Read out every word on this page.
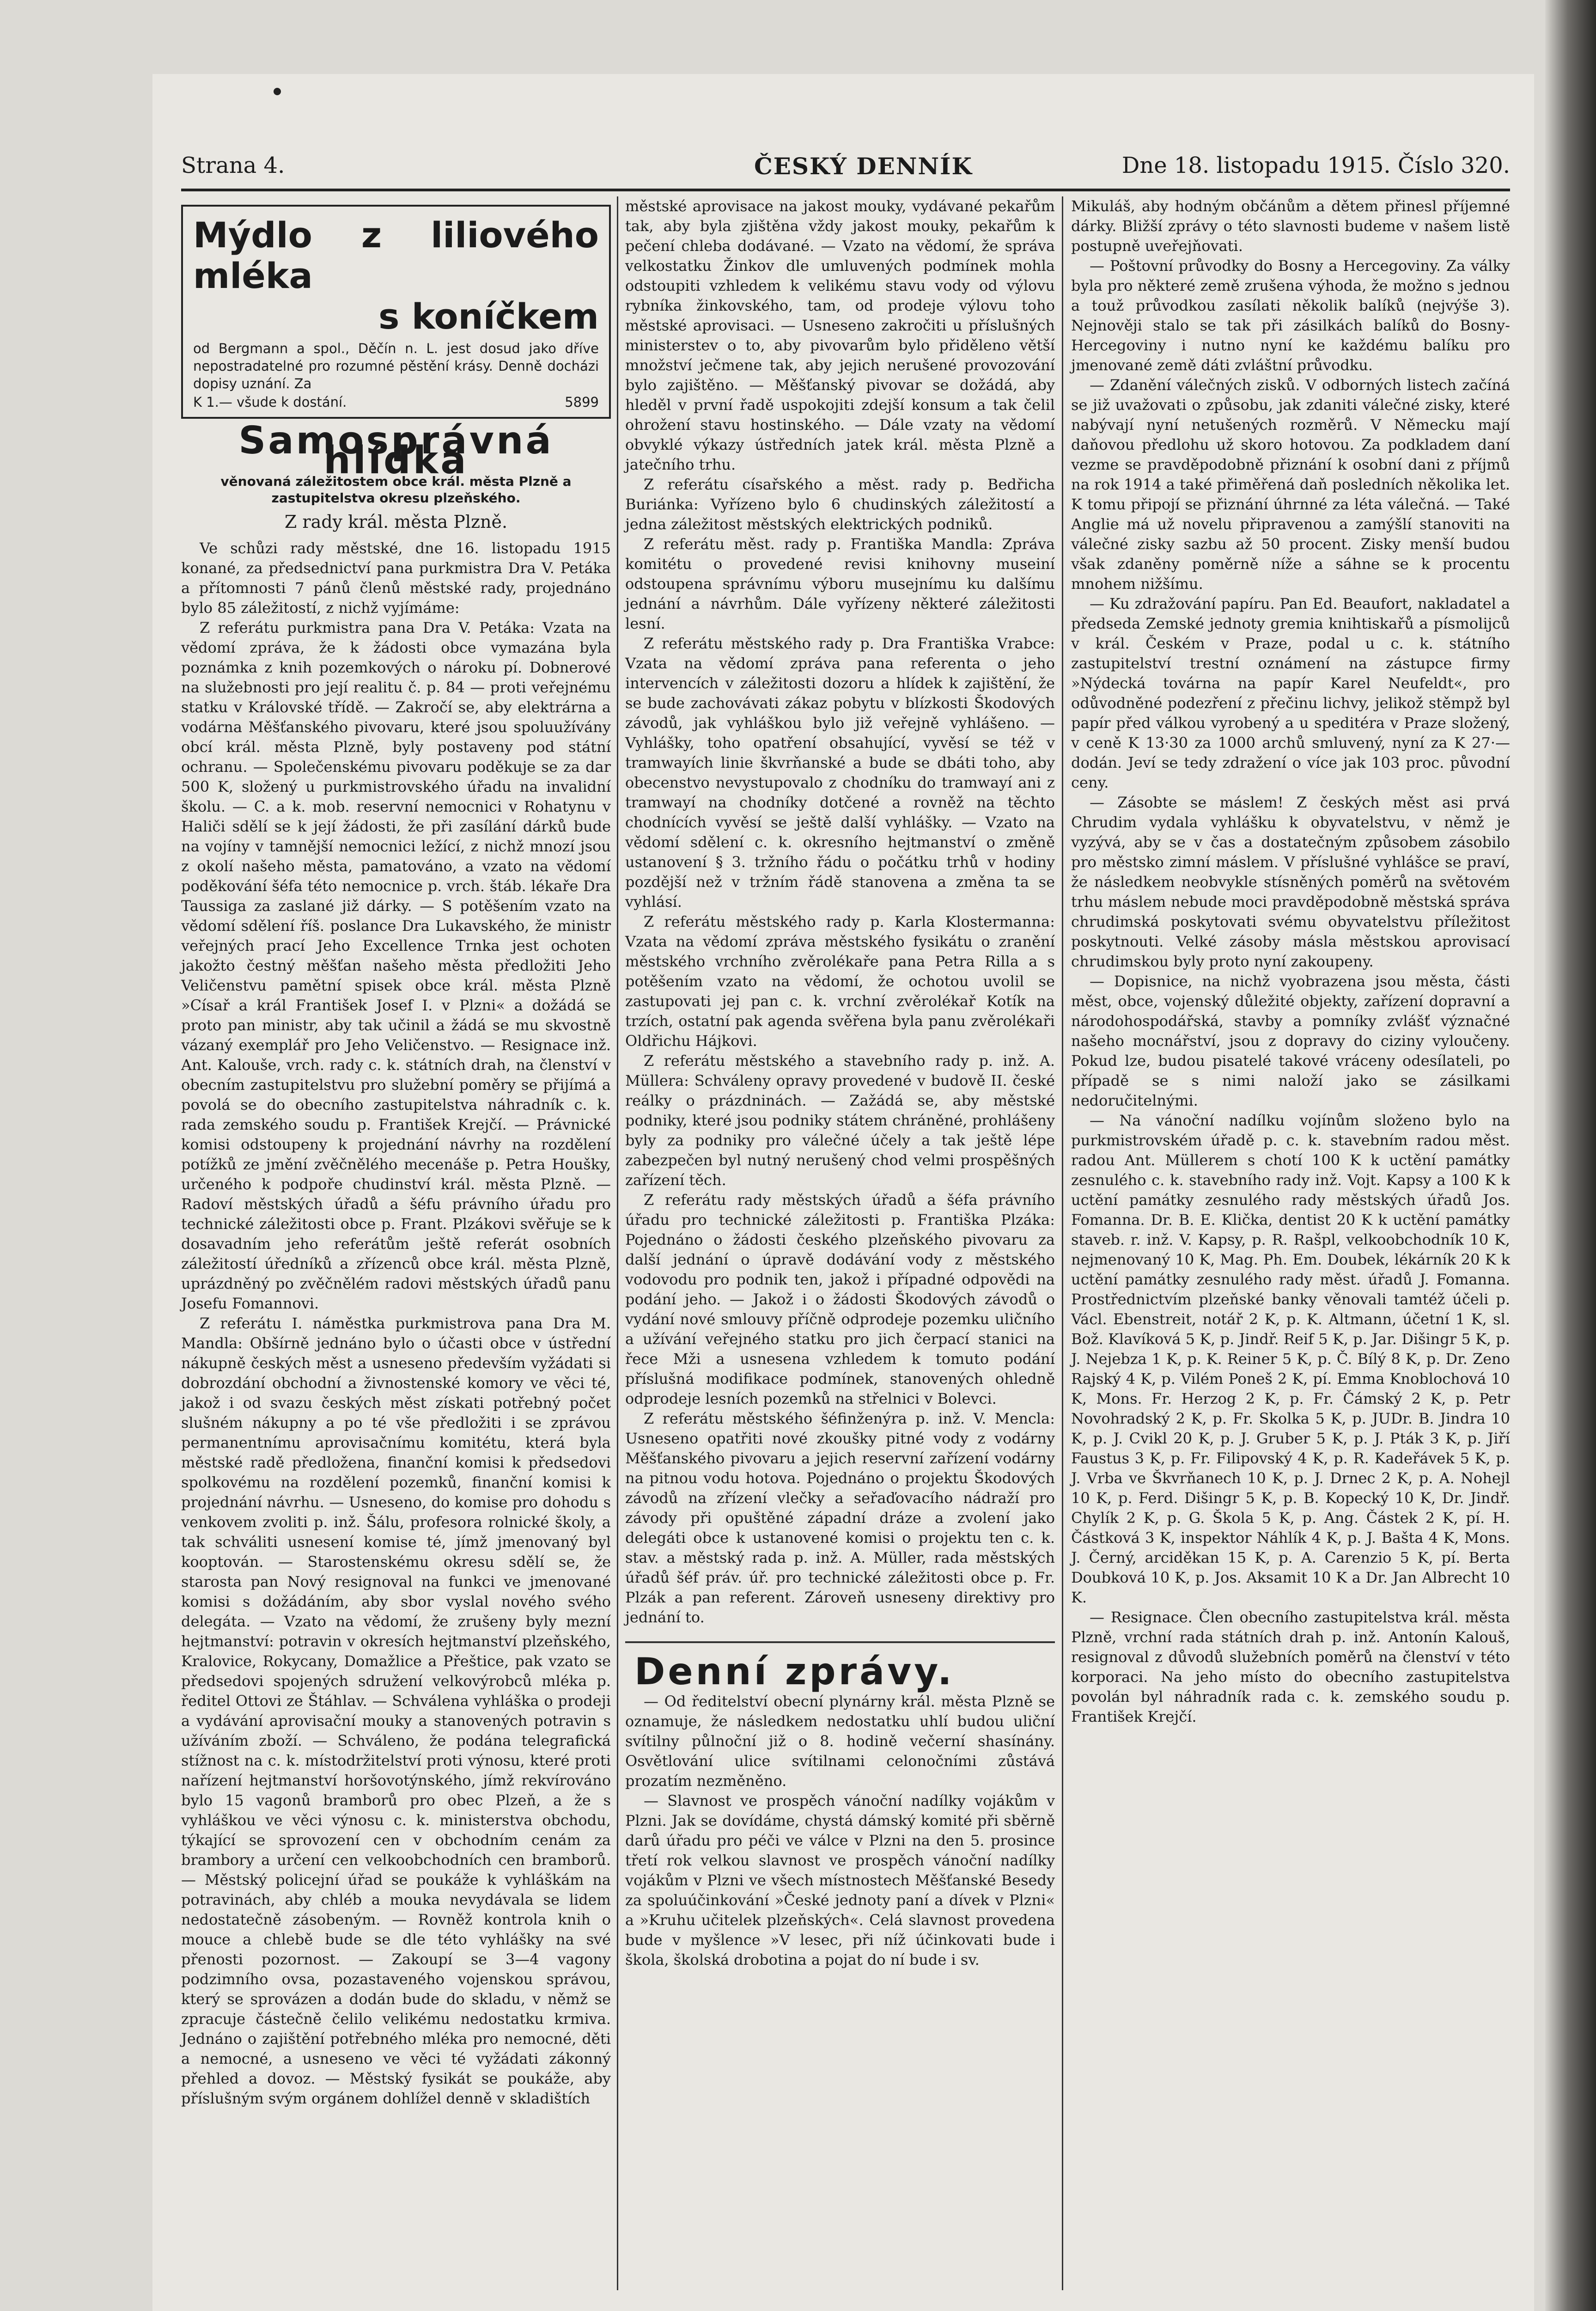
Strana 4.	ČESKÝ DENNÍK	Dne 18. listopadu 1915. Číslo 320.
Mýdlo z liliového mléka
s koníčkem
od Bergmann a spol., Děčín n. L. jest dosud jako dříve nepostradatelné pro rozumné pěstění krásy. Denně docházi dopisy uznání. Za
K 1.— všude k dostání.	5899
Samosprávná hlídka
věnovaná záležitostem obce král. města Plzně a zastupitelstva okresu plzeňského.
Z rady král. města Plzně.

Ve schůzi rady městské, dne 16. listopadu 1915 konané, za předsednictví pana purkmistra Dra V. Petáka a přítomnosti 7 pánů členů městské rady, projednáno bylo 85 záležitostí, z nichž vyjímáme:

Z referátu purkmistra pana Dra V. Petáka: Vzata na vědomí zpráva, že k žádosti obce vymazána byla poznámka z knih pozemkových o nároku pí. Dobnerové na služebnosti pro její realitu č. p. 84 — proti veřejnému statku v Královské třídě. — Zakročí se, aby elektrárna a vodárna Měšťanského pivovaru, které jsou spoluužívány obcí král. města Plzně, byly postaveny pod státní ochranu. — Společenskému pivovaru poděkuje se za dar 500 K, složený u purkmistrovského úřadu na invalidní školu. — C. a k. mob. reservní nemocnici v Rohatynu v Haliči sdělí se k její žádosti, že při zasílání dárků bude na vojíny v tamnější nemocnici ležící, z nichž mnozí jsou z okolí našeho města, pamatováno, a vzato na vědomí poděkování šéfa této nemocnice p. vrch. štáb. lékaře Dra Taussiga za zaslané již dárky. — S potěšením vzato na vědomí sdělení říš. poslance Dra Lukavského, že ministr veřejných prací Jeho Excellence Trnka jest ochoten jakožto čestný měšťan našeho města předložiti Jeho Veličenstvu pamětní spisek obce král. města Plzně »Císař a král František Josef I. v Plzni« a dožádá se proto pan ministr, aby tak učinil a žádá se mu skvostně vázaný exemplář pro Jeho Veličenstvo. — Resignace inž. Ant. Kalouše, vrch. rady c. k. státních drah, na členství v obecním zastupitelstvu pro služební poměry se přijímá a povolá se do obecního zastupitelstva náhradník c. k. rada zemského soudu p. František Krejčí. — Právnické komisi odstoupeny k projednání návrhy na rozdělení potížků ze jmění zvěčnělého mecenáše p. Petra Houšky, určeného k podpoře chudinství král. města Plzně. — Radoví městských úřadů a šéfu právního úřadu pro technické záležitosti obce p. Frant. Plzákovi svěřuje se k dosavadním jeho referátům ještě referát osobních záležitostí úředníků a zřízenců obce král. města Plzně, uprázdněný po zvěčnělém radovi městských úřadů panu Josefu Fomannovi.

Z referátu I. náměstka purkmistrova pana Dra M. Mandla: Obšírně jednáno bylo o účasti obce v ústřední nákupně českých měst a usneseno především vyžádati si dobrozdání obchodní a živnostenské komory ve věci té, jakož i od svazu českých měst získati potřebný počet slušném nákupny a po té vše předložiti i se zprávou permanentnímu aprovisačnímu komitétu, která byla městské radě předložena, finanční komisi k předsedovi spolkovému na rozdělení pozemků, finanční komisi k projednání návrhu. — Usneseno, do komise pro dohodu s venkovem zvoliti p. inž. Šálu, profesora rolnické školy, a tak schváliti usnesení komise té, jímž jmenovaný byl kooptován. — Starostenskému okresu sdělí se, že starosta pan Nový resignoval na funkci ve jmenované komisi s dožádáním, aby sbor vyslal nového svého delegáta. — Vzato na vědomí, že zrušeny byly mezní hejtmanství: potravin v okresích hejtmanství plzeňského, Kralovice, Rokycany, Domažlice a Přeštice, pak vzato se předsedovi spojených sdružení velkovýrobců mléka p. ředitel Ottovi ze Štáhlav. — Schválena vyhláška o prodeji a vydávání aprovisační mouky a stanovených potravin s užíváním zboží. — Schváleno, že podána telegrafická stížnost na c. k. místodržitelství proti výnosu, které proti nařízení hejtmanství horšovotýnského, jímž rekvírováno bylo 15 vagonů bramborů pro obec Plzeň, a že s vyhláškou ve věci výnosu c. k. ministerstva obchodu, týkající se sprovození cen v obchodním cenám za brambory a určení cen velkoobchodních cen bramborů. — Městský policejní úřad se poukáže k vyhláškám na potravinách, aby chléb a mouka nevydávala se lidem nedostatečně zásobeným. — Rovněž kontrola knih o mouce a chlebě bude se dle této vyhlášky na své přenosti pozornost. — Zakoupí se 3—4 vagony podzimního ovsa, pozastaveného vojenskou správou, který se sprovázen a dodán bude do skladu, v němž se zpracuje částečně čelilo velikému nedostatku krmiva. Jednáno o zajištění potřebného mléka pro nemocné, děti a nemocné, a usneseno ve věci té vyžádati zákonný přehled a dovoz. — Městský fysikát se poukáže, aby příslušným svým orgánem dohlížel denně v skladištích

městské aprovisace na jakost mouky, vydávané pekařům tak, aby byla zjištěna vždy jakost mouky, pekařům k pečení chleba dodávané. — Vzato na vědomí, že správa velkostatku Žinkov dle umluvených podmínek mohla odstoupiti vzhledem k velikému stavu vody od výlovu rybníka žinkovského, tam, od prodeje výlovu toho městské aprovisaci. — Usneseno zakročiti u příslušných ministerstev o to, aby pivovarům bylo přiděleno větší množství ječmene tak, aby jejich nerušené provozování bylo zajištěno. — Měšťanský pivovar se dožádá, aby hleděl v první řadě uspokojiti zdejší konsum a tak čelil ohrožení stavu hostinského. — Dále vzaty na vědomí obvyklé výkazy ústředních jatek král. města Plzně a jatečního trhu.

Z referátu císařského a měst. rady p. Bedřicha Buriánka: Vyřízeno bylo 6 chudinských záležitostí a jedna záležitost městských elektrických podniků.

Z referátu měst. rady p. Františka Mandla: Zpráva komitétu o provedené revisi knihovny museiní odstoupena správnímu výboru musejnímu ku dalšímu jednání a návrhům. Dále vyřízeny některé záležitosti lesní.

Z referátu městského rady p. Dra Františka Vrabce: Vzata na vědomí zpráva pana referenta o jeho intervencích v záležitosti dozoru a hlídek k zajištění, že se bude zachovávati zákaz pobytu v blízkosti Škodových závodů, jak vyhláškou bylo již veřejně vyhlášeno. — Vyhlášky, toho opatření obsahující, vyvěsí se též v tramwayích linie škvrňanské a bude se dbáti toho, aby obecenstvo nevystupovalo z chodníku do tramwayí ani z tramwayí na chodníky dotčené a rovněž na těchto chodnících vyvěsí se ještě další vyhlášky. — Vzato na vědomí sdělení c. k. okresního hejtmanství o změně ustanovení § 3. tržního řádu o počátku trhů v hodiny pozdější než v tržním řádě stanovena a změna ta se vyhlásí.

Z referátu městského rady p. Karla Klostermanna: Vzata na vědomí zpráva městského fysikátu o zranění městského vrchního zvěrolékaře pana Petra Rilla a s potěšením vzato na vědomí, že ochotou uvolil se zastupovati jej pan c. k. vrchní zvěrolékař Kotík na trzích, ostatní pak agenda svěřena byla panu zvěrolékaři Oldřichu Hájkovi.

Z referátu městského a stavebního rady p. inž. A. Müllera: Schváleny opravy provedené v budově II. české reálky o prázdninách. — Zažádá se, aby městské podniky, které jsou podniky státem chráněné, prohlášeny byly za podniky pro válečné účely a tak ještě lépe zabezpečen byl nutný nerušený chod velmi prospěšných zařízení těch.

Z referátu rady městských úřadů a šéfa právního úřadu pro technické záležitosti p. Františka Plzáka: Pojednáno o žádosti českého plzeňského pivovaru za další jednání o úpravě dodávání vody z městského vodovodu pro podnik ten, jakož i případné odpovědi na podání jeho. — Jakož i o žádosti Škodových závodů o vydání nové smlouvy příčně odprodeje pozemku uličního a užívání veřejného statku pro jich čerpací stanici na řece Mži a usnesena vzhledem k tomuto podání příslušná modifikace podmínek, stanovených ohledně odprodeje lesních pozemků na střelnici v Bolevci.

Z referátu městského šéfinženýra p. inž. V. Mencla: Usneseno opatřiti nové zkoušky pitné vody z vodárny Měšťanského pivovaru a jejich reservní zařízení vodárny na pitnou vodu hotova. Pojednáno o projektu Škodových závodů na zřízení vlečky a seřaďovacího nádraží pro závody při opuštěné západní dráze a zvolení jako delegáti obce k ustanovené komisi o projektu ten c. k. stav. a městský rada p. inž. A. Müller, rada městských úřadů šéf práv. úř. pro technické záležitosti obce p. Fr. Plzák a pan referent. Zároveň usneseny direktivy pro jednání to.

Denní zprávy.

— Od ředitelství obecní plynárny král. města Plzně se oznamuje, že následkem nedostatku uhlí budou uliční svítilny půlnoční již o 8. hodině večerní shasínány. Osvětlování ulice svítilnami celonočními zůstává prozatím nezměněno.

— Slavnost ve prospěch vánoční nadílky vojákům v Plzni. Jak se dovídáme, chystá dámský komité při sběrně darů úřadu pro péči ve válce v Plzni na den 5. prosince třetí rok velkou slavnost ve prospěch vánoční nadílky vojákům v Plzni ve všech místnostech Měšťanské Besedy za spoluúčinkování »České jednoty paní a dívek v Plzni« a »Kruhu učitelek plzeňských«. Celá slavnost provedena bude v myšlence »V lesec, při níž účinkovati bude i škola, školská drobotina a pojat do ní bude i sv.

Mikuláš, aby hodným občánům a dětem přinesl příjemné dárky. Bližší zprávy o této slavnosti budeme v našem listě postupně uveřejňovati.

— Poštovní průvodky do Bosny a Hercegoviny. Za války byla pro některé země zrušena výhoda, že možno s jednou a touž průvodkou zasílati několik balíků (nejvýše 3). Nejnověji stalo se tak při zásilkách balíků do Bosny-Hercegoviny i nutno nyní ke každému balíku pro jmenované země dáti zvláštní průvodku.

— Zdanění válečných zisků. V odborných listech začíná se již uvažovati o způsobu, jak zdaniti válečné zisky, které nabývají nyní netušených rozměrů. V Německu mají daňovou předlohu už skoro hotovou. Za podkladem daní vezme se pravděpodobně přiznání k osobní dani z příjmů na rok 1914 a také přiměřená daň posledních několika let. K tomu připojí se přiznání úhrnné za léta válečná. — Také Anglie má už novelu připravenou a zamýšlí stanoviti na válečné zisky sazbu až 50 procent. Zisky menší budou však zdaněny poměrně níže a sáhne se k procentu mnohem nižšímu.

— Ku zdražování papíru. Pan Ed. Beaufort, nakladatel a předseda Zemské jednoty gremia knihtiskařů a písmolijců v král. Českém v Praze, podal u c. k. státního zastupitelství trestní oznámení na zástupce firmy »Nýdecká továrna na papír Karel Neufeldt«, pro odůvodněné podezření z přečinu lichvy, jelikož stěmpž byl papír před válkou vyrobený a u speditéra v Praze složený, v ceně K 13·30 za 1000 archů smluvený, nyní za K 27·— dodán. Jeví se tedy zdražení o více jak 103 proc. původní ceny.

— Zásobte se máslem! Z českých měst asi prvá Chrudim vydala vyhlášku k obyvatelstvu, v němž je vyzývá, aby se v čas a dostatečným způsobem zásobilo pro městsko zimní máslem. V příslušné vyhlášce se praví, že následkem neobvykle stísněných poměrů na světovém trhu máslem nebude moci pravděpodobně městská správa chrudimská poskytovati svému obyvatelstvu příležitost poskytnouti. Velké zásoby másla městskou aprovisací chrudimskou byly proto nyní zakoupeny.

— Dopisnice, na nichž vyobrazena jsou města, části měst, obce, vojenský důležité objekty, zařízení dopravní a národohospodářská, stavby a pomníky zvlášť význačné našeho mocnářství, jsou z dopravy do ciziny vyloučeny. Pokud lze, budou pisatelé takové vráceny odesílateli, po případě se s nimi naloží jako se zásilkami nedoručitelnými.

— Na vánoční nadílku vojínům složeno bylo na purkmistrovském úřadě p. c. k. stavebním radou měst. radou Ant. Müllerem s chotí 100 K k uctění památky zesnulého c. k. stavebního rady inž. Vojt. Kapsy a 100 K k uctění památky zesnulého rady městských úřadů Jos. Fomanna. Dr. B. E. Klička, dentist 20 K k uctění památky staveb. r. inž. V. Kapsy, p. R. Rašpl, velkoobchodník 10 K, nejmenovaný 10 K, Mag. Ph. Em. Doubek, lékárník 20 K k uctění památky zesnulého rady měst. úřadů J. Fomanna. Prostřednictvím plzeňské banky věnovali tamtéž účeli p. Václ. Ebenstreit, notář 2 K, p. K. Altmann, účetní 1 K, sl. Bož. Klavíková 5 K, p. Jindř. Reif 5 K, p. Jar. Dišingr 5 K, p. J. Nejebza 1 K, p. K. Reiner 5 K, p. Č. Bílý 8 K, p. Dr. Zeno Rajský 4 K, p. Vilém Poneš 2 K, pí. Emma Knoblochová 10 K, Mons. Fr. Herzog 2 K, p. Fr. Čámský 2 K, p. Petr Novohradský 2 K, p. Fr. Skolka 5 K, p. JUDr. B. Jindra 10 K, p. J. Cvikl 20 K, p. J. Gruber 5 K, p. J. Pták 3 K, p. Jiří Faustus 3 K, p. Fr. Filipovský 4 K, p. R. Kadeřávek 5 K, p. J. Vrba ve Škvrňanech 10 K, p. J. Drnec 2 K, p. A. Nohejl 10 K, p. Ferd. Dišingr 5 K, p. B. Kopecký 10 K, Dr. Jindř. Chylík 2 K, p. G. Škola 5 K, p. Ang. Částek 2 K, pí. H. Částková 3 K, inspektor Náhlík 4 K, p. J. Bašta 4 K, Mons. J. Černý, arciděkan 15 K, p. A. Carenzio 5 K, pí. Berta Doubková 10 K, p. Jos. Aksamit 10 K a Dr. Jan Albrecht 10 K.

— Resignace. Člen obecního zastupitelstva král. města Plzně, vrchní rada státních drah p. inž. Antonín Kalouš, resignoval z důvodů služebních poměrů na členství v této korporaci. Na jeho místo do obecního zastupitelstva povolán byl náhradník rada c. k. zemského soudu p. František Krejčí.
